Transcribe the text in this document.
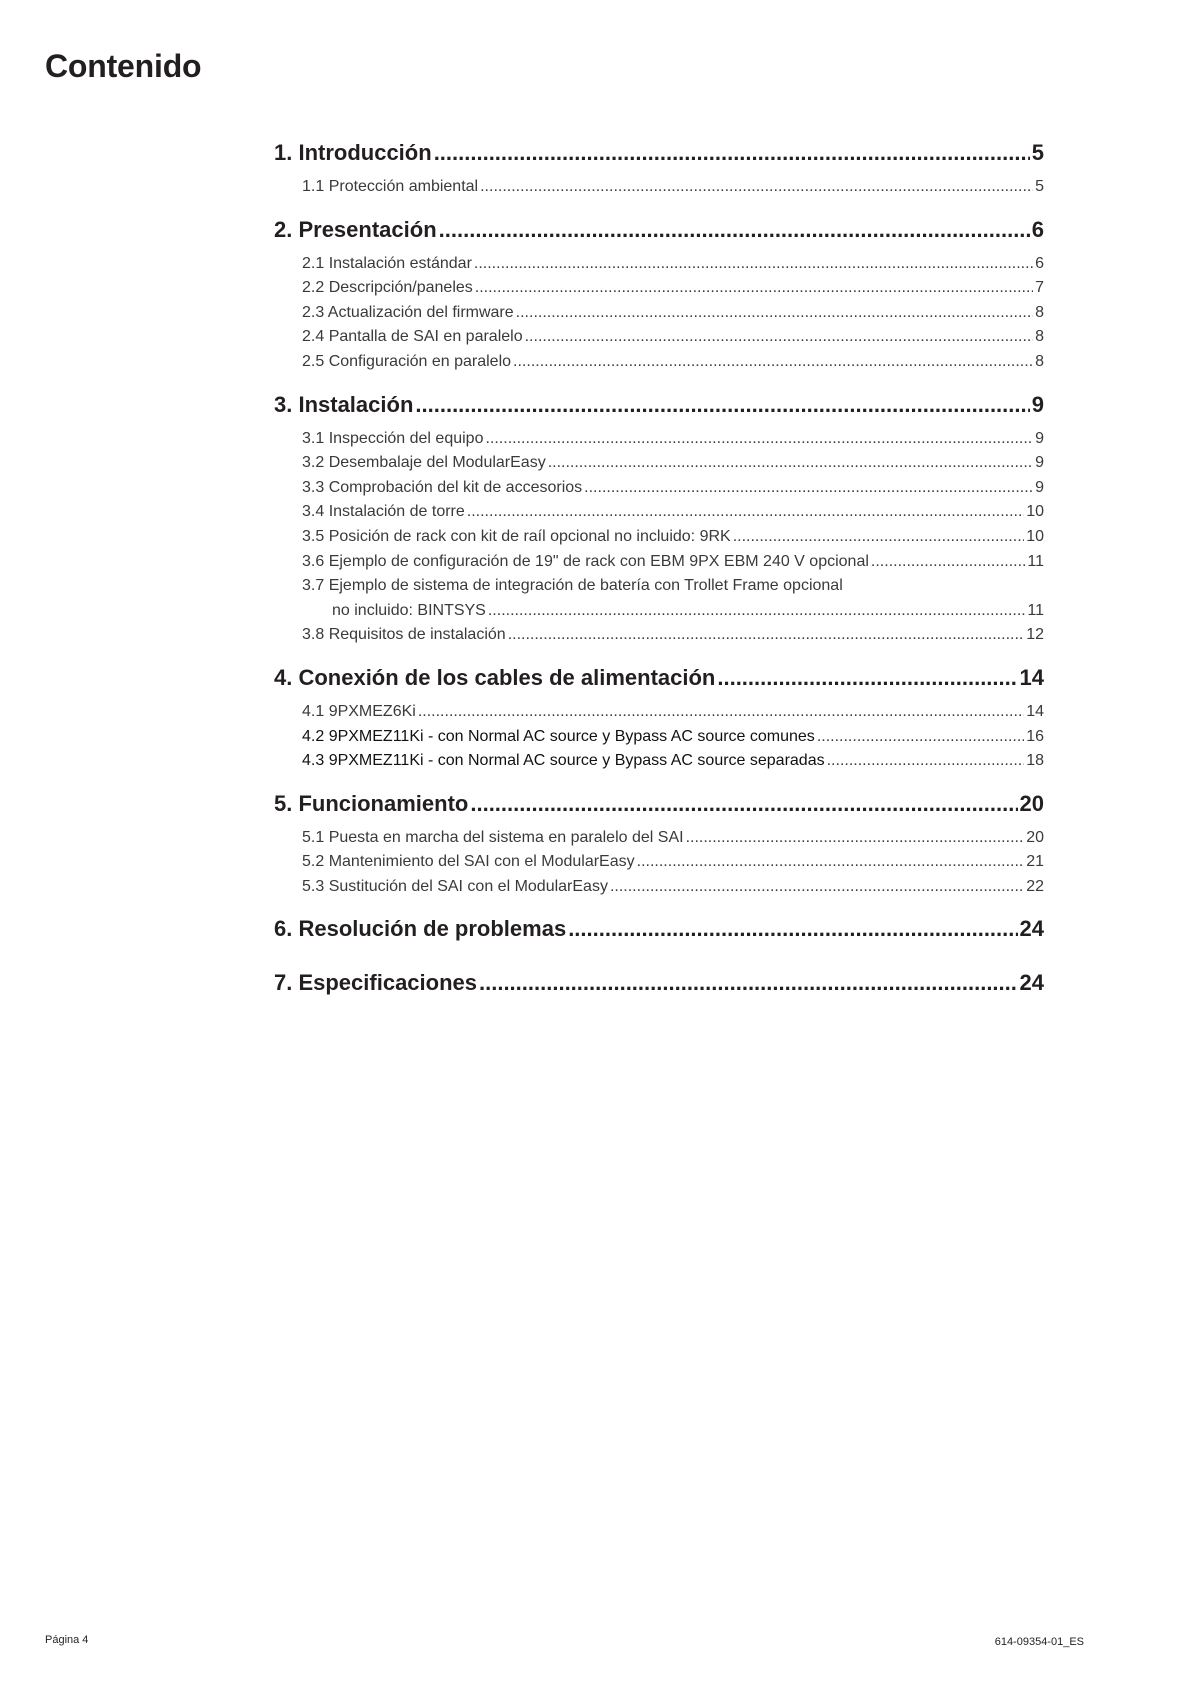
Contenido
1. Introducción .....	5
1.1 Protección ambiental .....	5
2. Presentación .....	6
2.1 Instalación estándar .....	6
2.2 Descripción/paneles .....	7
2.3 Actualización del firmware .....	8
2.4 Pantalla de SAI en paralelo .....	8
2.5 Configuración en paralelo .....	8
3. Instalación .....	9
3.1 Inspección del equipo .....	9
3.2 Desembalaje del ModularEasy .....	9
3.3 Comprobación del kit de accesorios .....	9
3.4 Instalación de torre .....	10
3.5 Posición de rack con kit de raíl opcional no incluido: 9RK .....	10
3.6 Ejemplo de configuración de 19" de rack con EBM 9PX EBM 240 V opcional .....	11
3.7 Ejemplo de sistema de integración de batería con Trollet Frame opcional
no incluido: BINTSYS .....	11
3.8 Requisitos de instalación .....	12
4. Conexión de los cables de alimentación .....	14
4.1 9PXMEZ6Ki .....	14
4.2 9PXMEZ11Ki - con Normal AC source y Bypass AC source comunes .....	16
4.3 9PXMEZ11Ki - con Normal AC source y Bypass AC source separadas .....	18
5. Funcionamiento .....	20
5.1 Puesta en marcha del sistema en paralelo del SAI .....	20
5.2 Mantenimiento del SAI con el ModularEasy .....	21
5.3 Sustitución del SAI con el ModularEasy .....	22
6. Resolución de problemas .....	24
7. Especificaciones .....	24
Página 4	614-09354-01_ES
